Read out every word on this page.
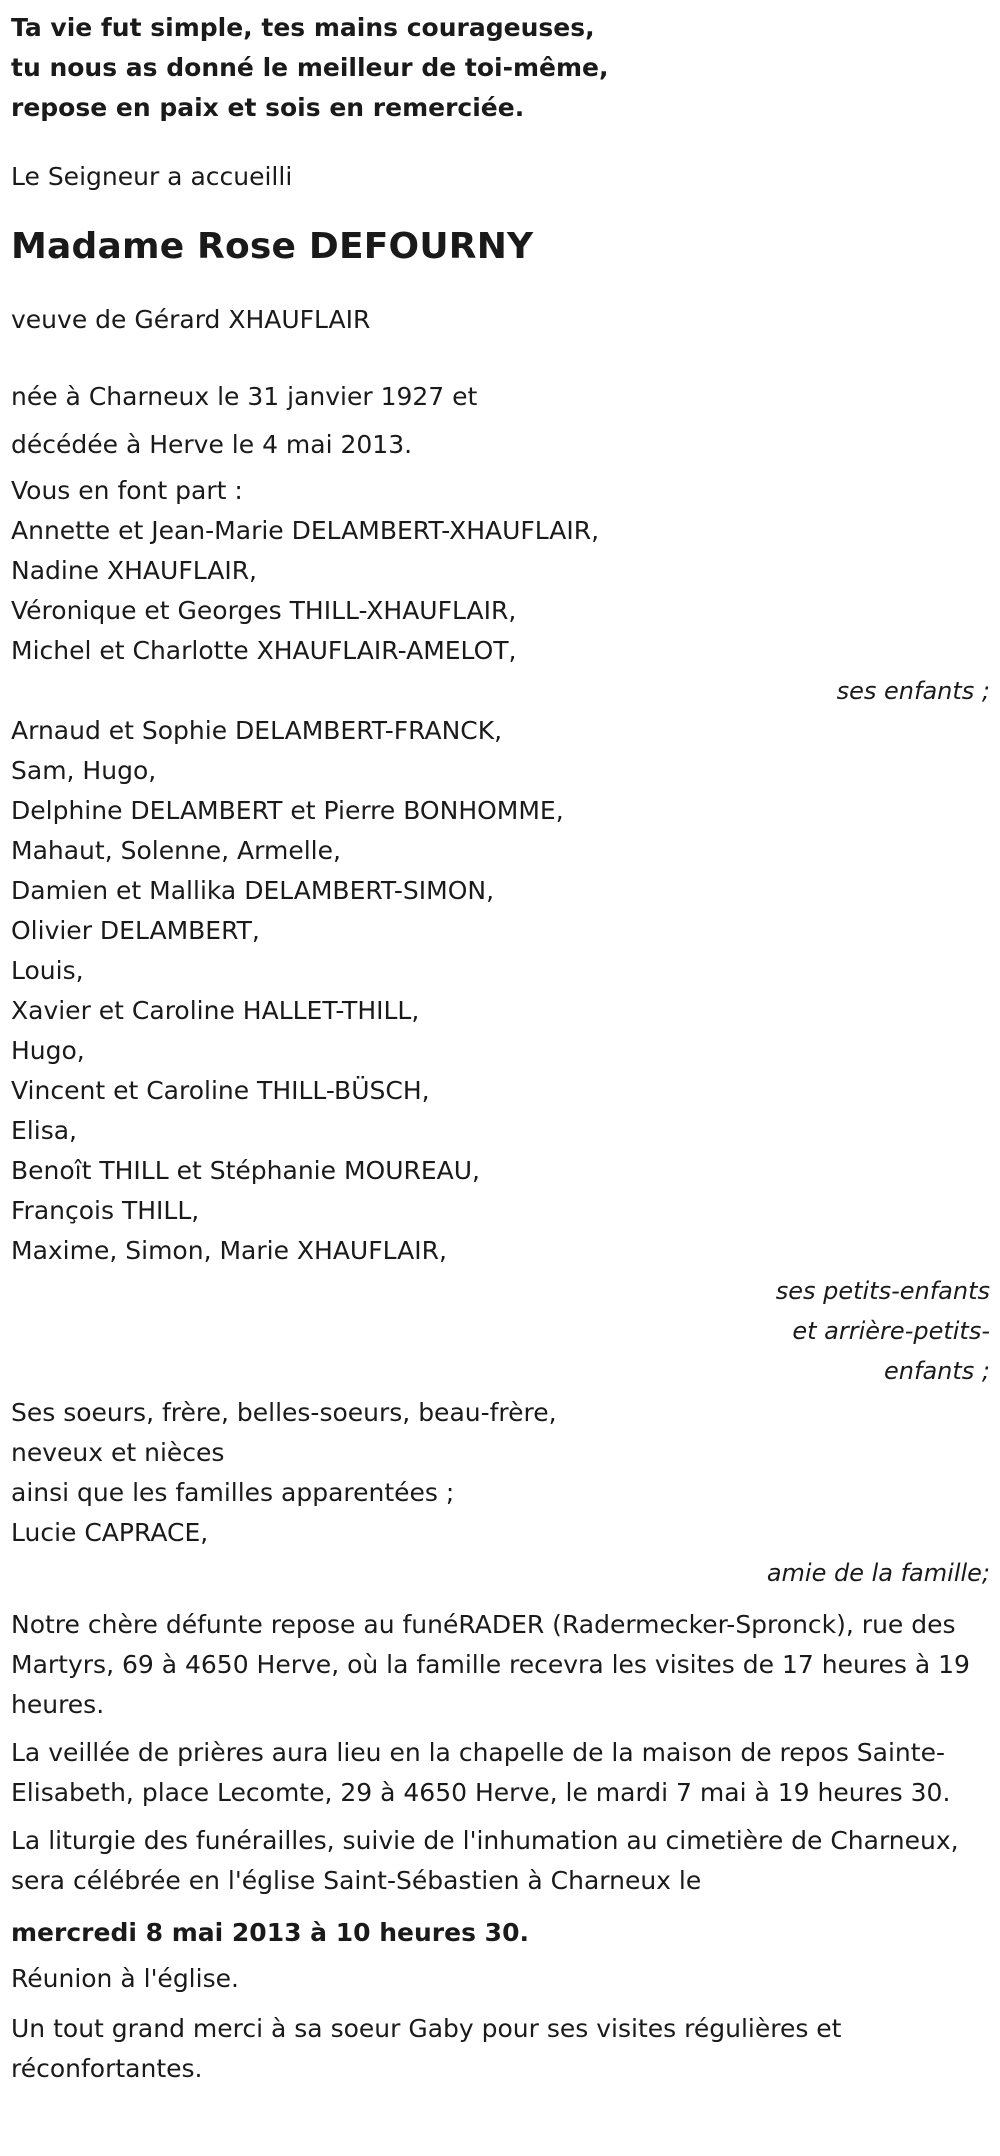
Ta vie fut simple, tes mains courageuses,
tu nous as donné le meilleur de toi-même,
repose en paix et sois en remerciée.
Le Seigneur a accueilli
Madame Rose DEFOURNY
veuve de Gérard XHAUFLAIR
née à Charneux le 31 janvier 1927 et
décédée à Herve le 4 mai 2013.
Vous en font part :
Annette et Jean-Marie DELAMBERT-XHAUFLAIR,
Nadine XHAUFLAIR,
Véronique et Georges THILL-XHAUFLAIR,
Michel et Charlotte XHAUFLAIR-AMELOT,
ses enfants ;
Arnaud et Sophie DELAMBERT-FRANCK,
Sam, Hugo,
Delphine DELAMBERT et Pierre BONHOMME,
Mahaut, Solenne, Armelle,
Damien et Mallika DELAMBERT-SIMON,
Olivier DELAMBERT,
Louis,
Xavier et Caroline HALLET-THILL,
Hugo,
Vincent et Caroline THILL-BÜSCH,
Elisa,
Benoît THILL et Stéphanie MOUREAU,
François THILL,
Maxime, Simon, Marie XHAUFLAIR,
ses petits-enfants
et arrière-petits-
enfants ;
Ses soeurs, frère, belles-soeurs, beau-frère,
neveux et nièces
ainsi que les familles apparentées ;
Lucie CAPRACE,
amie de la famille;
Notre chère défunte repose au funéRADER (Radermecker-Spronck), rue des Martyrs, 69 à 4650 Herve, où la famille recevra les visites de 17 heures à 19 heures.
La veillée de prières aura lieu en la chapelle de la maison de repos Sainte-Elisabeth, place Lecomte, 29 à 4650 Herve, le mardi 7 mai à 19 heures 30.
La liturgie des funérailles, suivie de l'inhumation au cimetière de Charneux, sera célébrée en l'église Saint-Sébastien à Charneux le
mercredi 8 mai 2013 à 10 heures 30.
Réunion à l'église.
Un tout grand merci à sa soeur Gaby pour ses visites régulières et réconfortantes.
